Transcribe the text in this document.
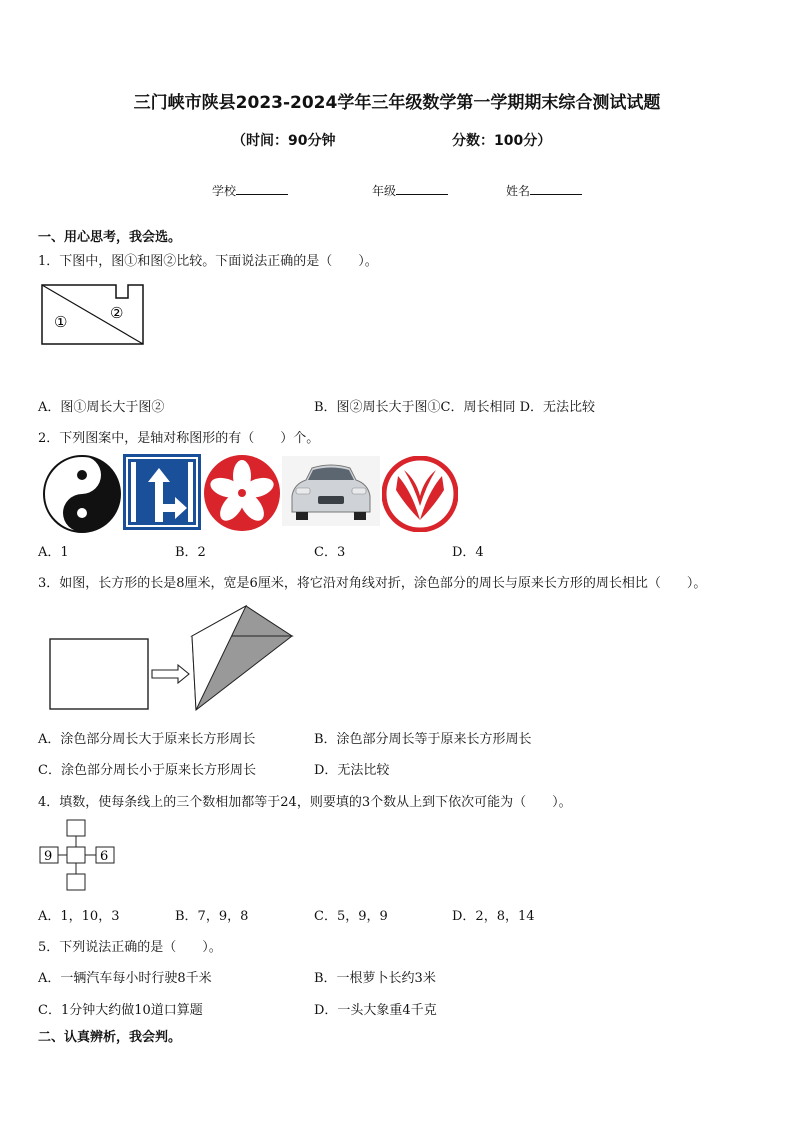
三门峡市陕县2023-2024学年三年级数学第一学期期末综合测试试题
（时间：90分钟	分数：100分）
学校	年级	姓名
一、用心思考，我会选。
1．下图中，图①和图②比较。下面说法正确的是（　　）。
①	②
A．图①周长大于图②	B．图②周长大于图①C．周长相同 D．无法比较
2．下列图案中，是轴对称图形的有（　　）个。
A．1	B．2	C．3	D．4
3．如图，长方形的长是8厘米，宽是6厘米，将它沿对角线对折，涂色部分的周长与原来长方形的周长相比（　　）。
A．涂色部分周长大于原来长方形周长	B．涂色部分周长等于原来长方形周长
C．涂色部分周长小于原来长方形周长	D．无法比较
4．填数，使每条线上的三个数相加都等于24，则要填的3个数从上到下依次可能为（　　）。
9	6
A．1，10，3	B．7，9，8	C．5，9，9	D．2，8，14
5．下列说法正确的是（　　）。
A．一辆汽车每小时行驶8千米	B．一根萝卜长约3米
C．1分钟大约做10道口算题	D．一头大象重4千克
二、认真辨析，我会判。
